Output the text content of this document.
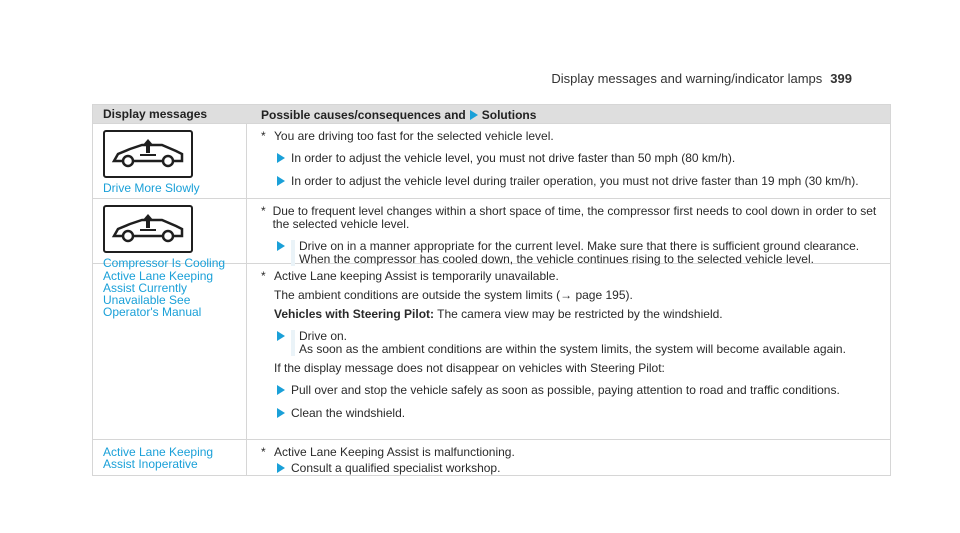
Display messages and warning/indicator lamps 399
Display messages	Possible causes/consequences and Solutions
Drive More Slowly
* You are driving too fast for the selected vehicle level.
In order to adjust the vehicle level, you must not drive faster than 50 mph (80 km/h).
In order to adjust the vehicle level during trailer operation, you must not drive faster than 19 mph (30 km/h).
Compressor Is Cooling
* Due to frequent level changes within a short space of time, the compressor first needs to cool down in order to set the selected vehicle level.
Drive on in a manner appropriate for the current level. Make sure that there is sufficient ground clearance.
When the compressor has cooled down, the vehicle continues rising to the selected vehicle level.
Active Lane Keeping Assist Currently Unavailable See Operator's Manual
* Active Lane keeping Assist is temporarily unavailable.
The ambient conditions are outside the system limits (→ page 195).
Vehicles with Steering Pilot: The camera view may be restricted by the windshield.
Drive on.
As soon as the ambient conditions are within the system limits, the system will become available again.
If the display message does not disappear on vehicles with Steering Pilot:
Pull over and stop the vehicle safely as soon as possible, paying attention to road and traffic conditions.
Clean the windshield.
Active Lane Keeping Assist Inoperative
* Active Lane Keeping Assist is malfunctioning.
Consult a qualified specialist workshop.
